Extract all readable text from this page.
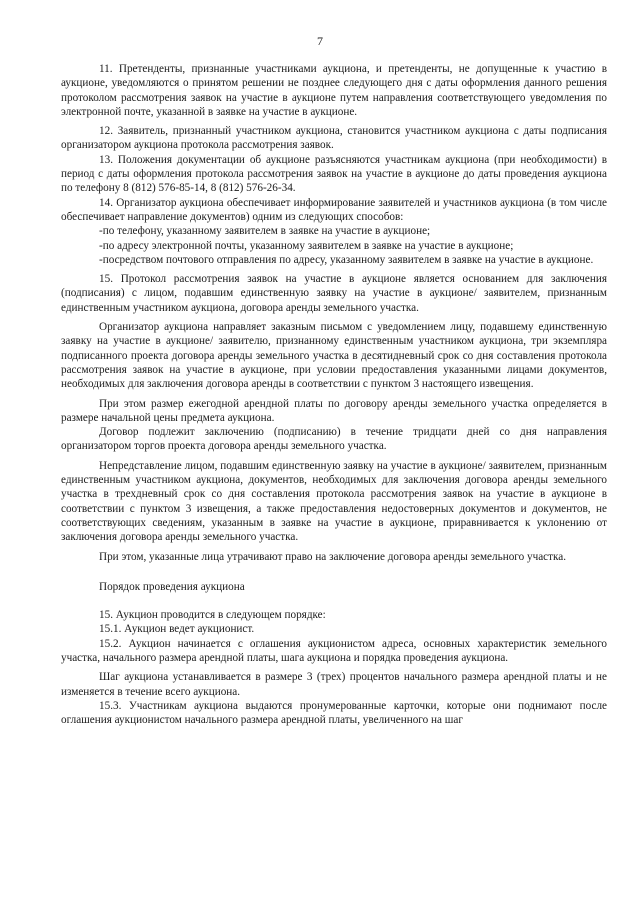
7

11. Претенденты, признанные участниками аукциона, и претенденты, не допущенные к участию в аукционе, уведомляются о принятом решении не позднее следующего дня с даты оформления данного решения протоколом рассмотрения заявок на участие в аукционе путем направления соответствующего уведомления по электронной почте, указанной в заявке на участие в аукционе.

12. Заявитель, признанный участником аукциона, становится участником аукциона с даты подписания организатором аукциона протокола рассмотрения заявок.

13. Положения документации об аукционе разъясняются участникам аукциона (при необходимости) в период с даты оформления протокола рассмотрения заявок на участие в аукционе до даты проведения аукциона по телефону 8 (812) 576-85-14, 8 (812) 576-26-34.

14. Организатор аукциона обеспечивает информирование заявителей и участников аукциона (в том числе обеспечивает направление документов) одним из следующих способов:

-по телефону, указанному заявителем в заявке на участие в аукционе;

-по адресу электронной почты, указанному заявителем в заявке на участие в аукционе;

-посредством почтового отправления по адресу, указанному заявителем в заявке на участие в аукционе.

15. Протокол рассмотрения заявок на участие в аукционе является основанием для заключения (подписания) с лицом, подавшим единственную заявку на участие в аукционе/ заявителем, признанным единственным участником аукциона, договора аренды земельного участка.

Организатор аукциона направляет заказным письмом с уведомлением лицу, подавшему единственную заявку на участие в аукционе/ заявителю, признанному единственным участником аукциона, три экземпляра подписанного проекта договора аренды земельного участка в десятидневный срок со дня составления протокола рассмотрения заявок на участие в аукционе, при условии предоставления указанными лицами документов, необходимых для заключения договора аренды в соответствии с пунктом 3 настоящего извещения.

При этом размер ежегодной арендной платы по договору аренды земельного участка определяется в размере начальной цены предмета аукциона.

Договор подлежит заключению (подписанию) в течение тридцати дней со дня направления организатором торгов проекта договора аренды земельного участка.

Непредставление лицом, подавшим единственную заявку на участие в аукционе/ заявителем, признанным единственным участником аукциона, документов, необходимых для заключения договора аренды земельного участка в трехдневный срок со дня составления протокола рассмотрения заявок на участие в аукционе в соответствии с пунктом 3 извещения, а также предоставления недостоверных документов и документов, не соответствующих сведениям, указанным в заявке на участие в аукционе, приравнивается к уклонению от заключения договора аренды земельного участка.

При этом, указанные лица утрачивают право на заключение договора аренды земельного участка.

Порядок проведения аукциона

15. Аукцион проводится в следующем порядке:

15.1. Аукцион ведет аукционист.

15.2. Аукцион начинается с оглашения аукционистом адреса, основных характеристик земельного участка, начального размера арендной платы, шага аукциона и порядка проведения аукциона.

Шаг аукциона устанавливается в размере 3 (трех) процентов начального размера арендной платы и не изменяется в течение всего аукциона.

15.3. Участникам аукциона выдаются пронумерованные карточки, которые они поднимают после оглашения аукционистом начального размера арендной платы, увеличенного на шаг
